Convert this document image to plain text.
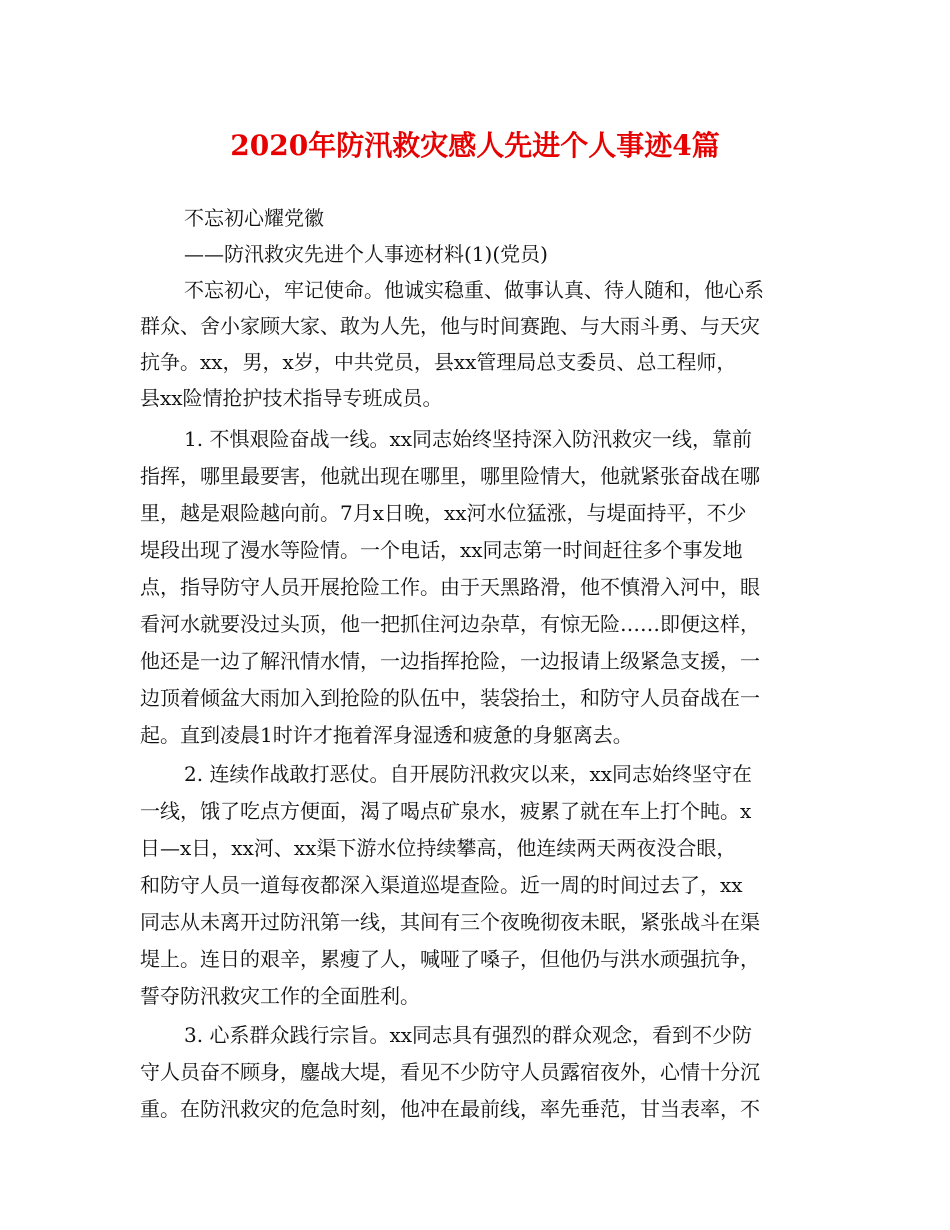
2020年防汛救灾感人先进个人事迹4篇
不忘初心耀党徽
——防汛救灾先进个人事迹材料(1)(党员)
不忘初心，牢记使命。他诚实稳重、做事认真、待人随和，他心系
群众、舍小家顾大家、敢为人先，他与时间赛跑、与大雨斗勇、与天灾
抗争。xx，男，x岁，中共党员，县xx管理局总支委员、总工程师，
县xx险情抢护技术指导专班成员。
1. 不惧艰险奋战一线。xx同志始终坚持深入防汛救灾一线，靠前
指挥，哪里最要害，他就出现在哪里，哪里险情大，他就紧张奋战在哪
里，越是艰险越向前。7月x日晚，xx河水位猛涨，与堤面持平，不少
堤段出现了漫水等险情。一个电话，xx同志第一时间赶往多个事发地
点，指导防守人员开展抢险工作。由于天黑路滑，他不慎滑入河中，眼
看河水就要没过头顶，他一把抓住河边杂草，有惊无险……即便这样，
他还是一边了解汛情水情，一边指挥抢险，一边报请上级紧急支援，一
边顶着倾盆大雨加入到抢险的队伍中，装袋抬土，和防守人员奋战在一
起。直到凌晨1时许才拖着浑身湿透和疲惫的身躯离去。
2. 连续作战敢打恶仗。自开展防汛救灾以来，xx同志始终坚守在
一线，饿了吃点方便面，渴了喝点矿泉水，疲累了就在车上打个盹。x
日—x日，xx河、xx渠下游水位持续攀高，他连续两天两夜没合眼，
和防守人员一道每夜都深入渠道巡堤查险。近一周的时间过去了，xx
同志从未离开过防汛第一线，其间有三个夜晚彻夜未眠，紧张战斗在渠
堤上。连日的艰辛，累瘦了人，喊哑了嗓子，但他仍与洪水顽强抗争，
誓夺防汛救灾工作的全面胜利。
3. 心系群众践行宗旨。xx同志具有强烈的群众观念，看到不少防
守人员奋不顾身，鏖战大堤，看见不少防守人员露宿夜外，心情十分沉
重。在防汛救灾的危急时刻，他冲在最前线，率先垂范，甘当表率，不
